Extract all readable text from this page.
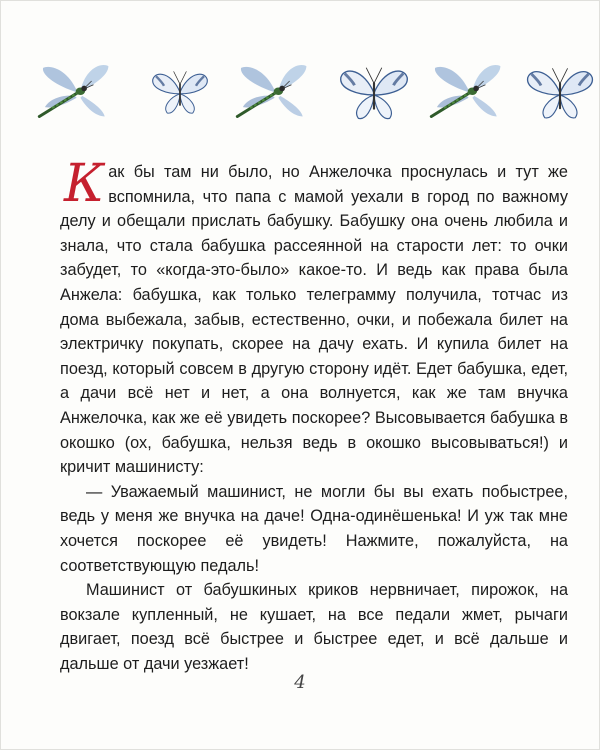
Как бы там ни было, но Анжелочка проснулась и тут же вспомнила, что папа с мамой уехали в город по важному делу и обещали прислать бабушку. Бабушку она очень любила и знала, что стала бабушка рассеянной на старости лет: то очки забудет, то «когда-это-было» какое-то. И ведь как права была Анжела: бабушка, как только телеграмму получила, тотчас из дома выбежала, забыв, естественно, очки, и побежала билет на электричку покупать, скорее на дачу ехать. И купила билет на поезд, который совсем в другую сторону идёт. Едет бабушка, едет, а дачи всё нет и нет, а она волнуется, как же там внучка Анжелочка, как же её увидеть поскорее? Высовывается бабушка в окошко (ох, бабушка, нельзя ведь в окошко высовываться!) и кричит машинисту:

— Уважаемый машинист, не могли бы вы ехать побыстрее, ведь у меня же внучка на даче! Одна-одинёшенька! И уж так мне хочется поскорее её увидеть! Нажмите, пожалуйста, на соответствующую педаль!

Машинист от бабушкиных криков нервничает, пирожок, на вокзале купленный, не кушает, на все педали жмет, рычаги двигает, поезд всё быстрее и быстрее едет, и всё дальше и дальше от дачи уезжает!

4
